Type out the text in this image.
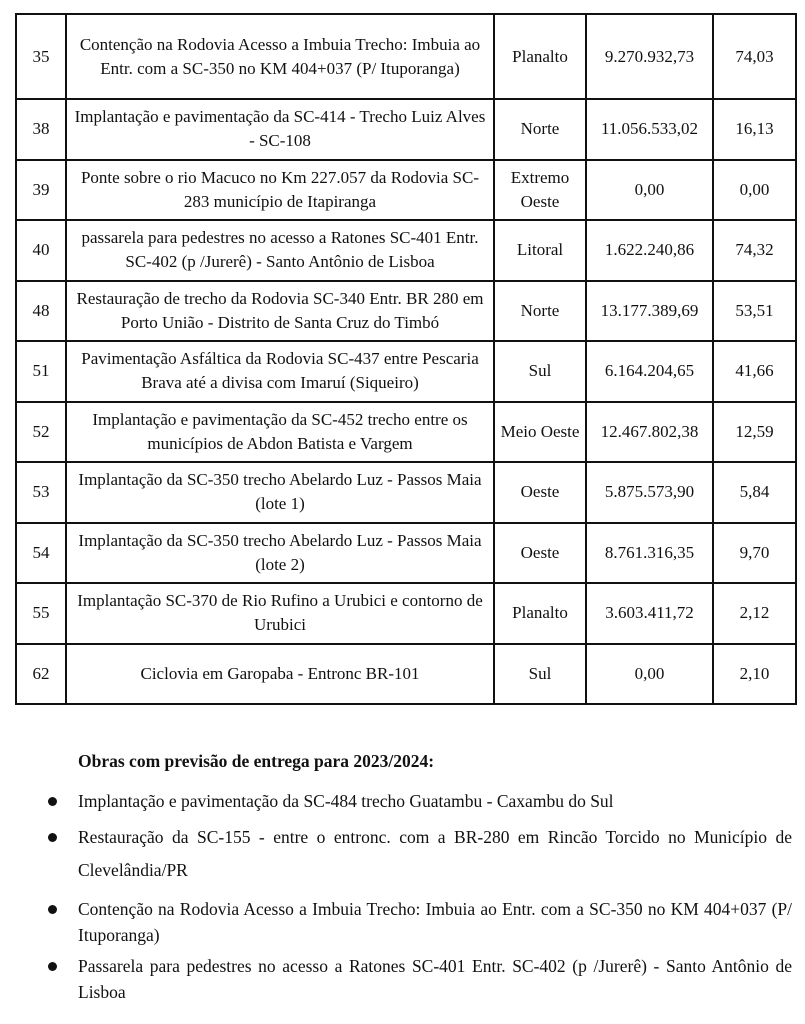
35	Contenção na Rodovia Acesso a Imbuia Trecho: Imbuia ao Entr. com a SC-350 no KM 404+037 (P/ Ituporanga)	Planalto	9.270.932,73	74,03
38	Implantação e pavimentação da SC-414 - Trecho Luiz Alves - SC-108	Norte	11.056.533,02	16,13
39	Ponte sobre o rio Macuco no Km 227.057 da Rodovia SC-283 município de Itapiranga	Extremo Oeste	0,00	0,00
40	passarela para pedestres no acesso a Ratones SC-401 Entr. SC-402 (p /Jurerê) - Santo Antônio de Lisboa	Litoral	1.622.240,86	74,32
48	Restauração de trecho da Rodovia SC-340 Entr. BR 280 em Porto União - Distrito de Santa Cruz do Timbó	Norte	13.177.389,69	53,51
51	Pavimentação Asfáltica da Rodovia SC-437 entre Pescaria Brava até a divisa com Imaruí (Siqueiro)	Sul	6.164.204,65	41,66
52	Implantação e pavimentação da SC-452 trecho entre os municípios de Abdon Batista e Vargem	Meio Oeste	12.467.802,38	12,59
53	Implantação da SC-350 trecho Abelardo Luz - Passos Maia (lote 1)	Oeste	5.875.573,90	5,84
54	Implantação da SC-350 trecho Abelardo Luz - Passos Maia (lote 2)	Oeste	8.761.316,35	9,70
55	Implantação SC-370 de Rio Rufino a Urubici e contorno de Urubici	Planalto	3.603.411,72	2,12
62	Ciclovia em Garopaba - Entronc BR-101	Sul	0,00	2,10
Obras com previsão de entrega para 2023/2024:

Implantação e pavimentação da SC-484 trecho Guatambu - Caxambu do Sul

Restauração da SC-155 - entre o entronc. com a BR-280 em Rincão Torcido no Município de Clevelândia/PR

Contenção na Rodovia Acesso a Imbuia Trecho: Imbuia ao Entr. com a SC-350 no KM 404+037 (P/ Ituporanga)

Passarela para pedestres no acesso a Ratones SC-401 Entr. SC-402 (p /Jurerê) - Santo Antônio de Lisboa
